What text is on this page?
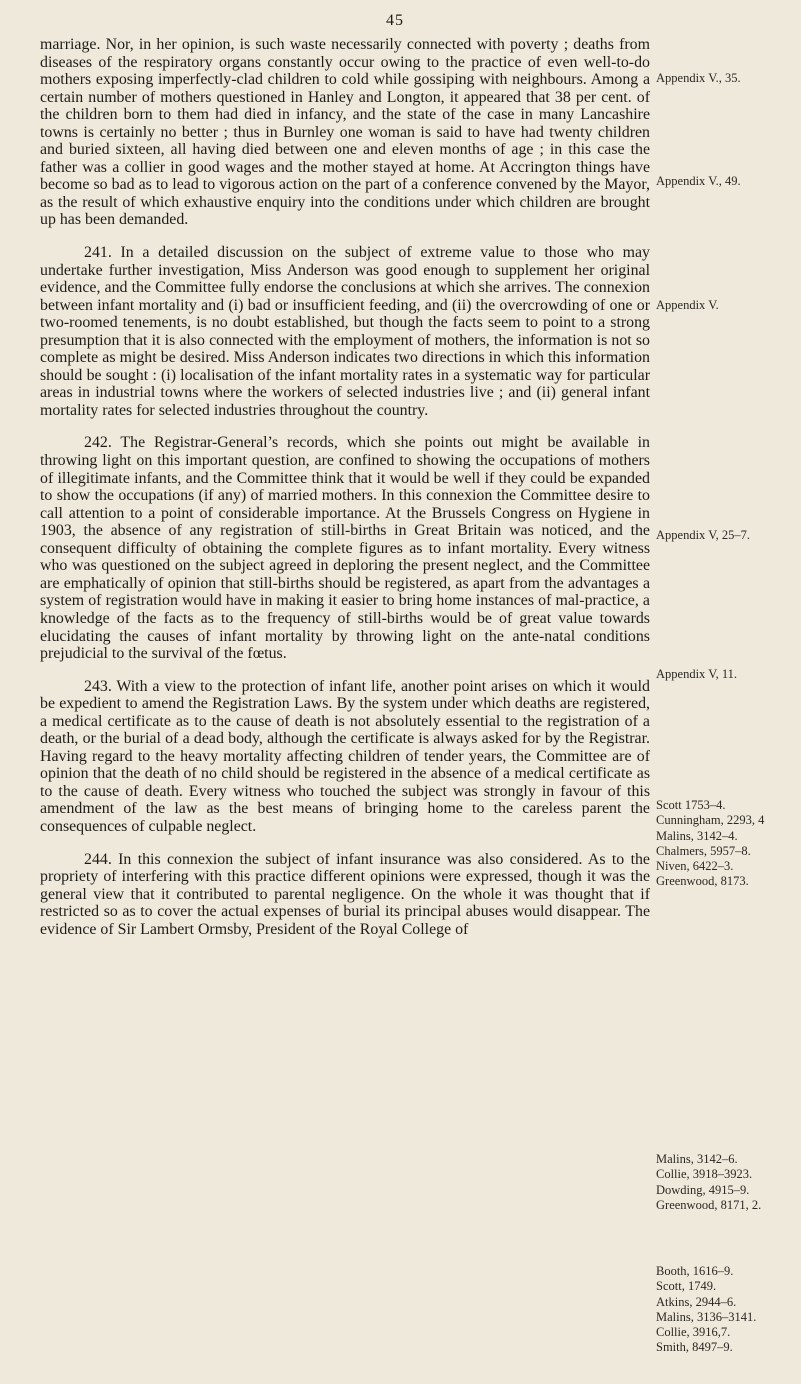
45

marriage. Nor, in her opinion, is such waste necessarily connected with poverty ; deaths from diseases of the respiratory organs constantly occur owing to the practice of even well-to-do mothers exposing imperfectly-clad children to cold while gossiping with neighbours. Among a certain number of mothers questioned in Hanley and Longton, it appeared that 38 per cent. of the children born to them had died in infancy, and the state of the case in many Lancashire towns is certainly no better ; thus in Burnley one woman is said to have had twenty children and buried sixteen, all having died between one and eleven months of age ; in this case the father was a collier in good wages and the mother stayed at home. At Accrington things have become so bad as to lead to vigorous action on the part of a conference convened by the Mayor, as the result of which exhaustive enquiry into the conditions under which children are brought up has been demanded.

241. In a detailed discussion on the subject of extreme value to those who may undertake further investigation, Miss Anderson was good enough to supplement her original evidence, and the Committee fully endorse the conclusions at which she arrives. The connexion between infant mortality and (i) bad or insufficient feeding, and (ii) the overcrowding of one or two-roomed tenements, is no doubt established, but though the facts seem to point to a strong presumption that it is also connected with the employment of mothers, the information is not so complete as might be desired. Miss Anderson indicates two directions in which this information should be sought : (i) localisation of the infant mortality rates in a systematic way for particular areas in industrial towns where the workers of selected industries live ; and (ii) general infant mortality rates for selected industries throughout the country.

242. The Registrar-General’s records, which she points out might be available in throwing light on this important question, are confined to showing the occupations of mothers of illegitimate infants, and the Committee think that it would be well if they could be expanded to show the occupations (if any) of married mothers. In this connexion the Committee desire to call attention to a point of considerable importance. At the Brussels Congress on Hygiene in 1903, the absence of any registration of still-births in Great Britain was noticed, and the consequent difficulty of obtaining the complete figures as to infant mortality. Every witness who was questioned on the subject agreed in deploring the present neglect, and the Committee are emphatically of opinion that still-births should be registered, as apart from the advantages a system of registration would have in making it easier to bring home instances of mal-practice, a knowledge of the facts as to the frequency of still-births would be of great value towards elucidating the causes of infant mortality by throwing light on the ante-natal conditions prejudicial to the survival of the fœtus.

243. With a view to the protection of infant life, another point arises on which it would be expedient to amend the Registration Laws. By the system under which deaths are registered, a medical certificate as to the cause of death is not absolutely essential to the registration of a death, or the burial of a dead body, although the certificate is always asked for by the Registrar. Having regard to the heavy mortality affecting children of tender years, the Committee are of opinion that the death of no child should be registered in the absence of a medical certificate as to the cause of death. Every witness who touched the subject was strongly in favour of this amendment of the law as the best means of bringing home to the careless parent the consequences of culpable neglect.

244. In this connexion the subject of infant insurance was also considered. As to the propriety of interfering with this practice different opinions were expressed, though it was the general view that it contributed to parental negligence. On the whole it was thought that if restricted so as to cover the actual expenses of burial its principal abuses would disappear. The evidence of Sir Lambert Ormsby, President of the Royal College of

Appendix V., 35.
Appendix V., 49.
Appendix V.
Appendix V, 25–7.
Appendix V, 11.
Scott 1753–4.
Cunningham, 2293, 4
Malins, 3142–4.
Chalmers, 5957–8.
Niven, 6422–3.
Greenwood, 8173.
Malins, 3142–6.
Collie, 3918–3923.
Dowding, 4915–9.
Greenwood, 8171, 2.
Booth, 1616–9.
Scott, 1749.
Atkins, 2944–6.
Malins, 3136–3141.
Collie, 3916,7.
Smith, 8497–9.
